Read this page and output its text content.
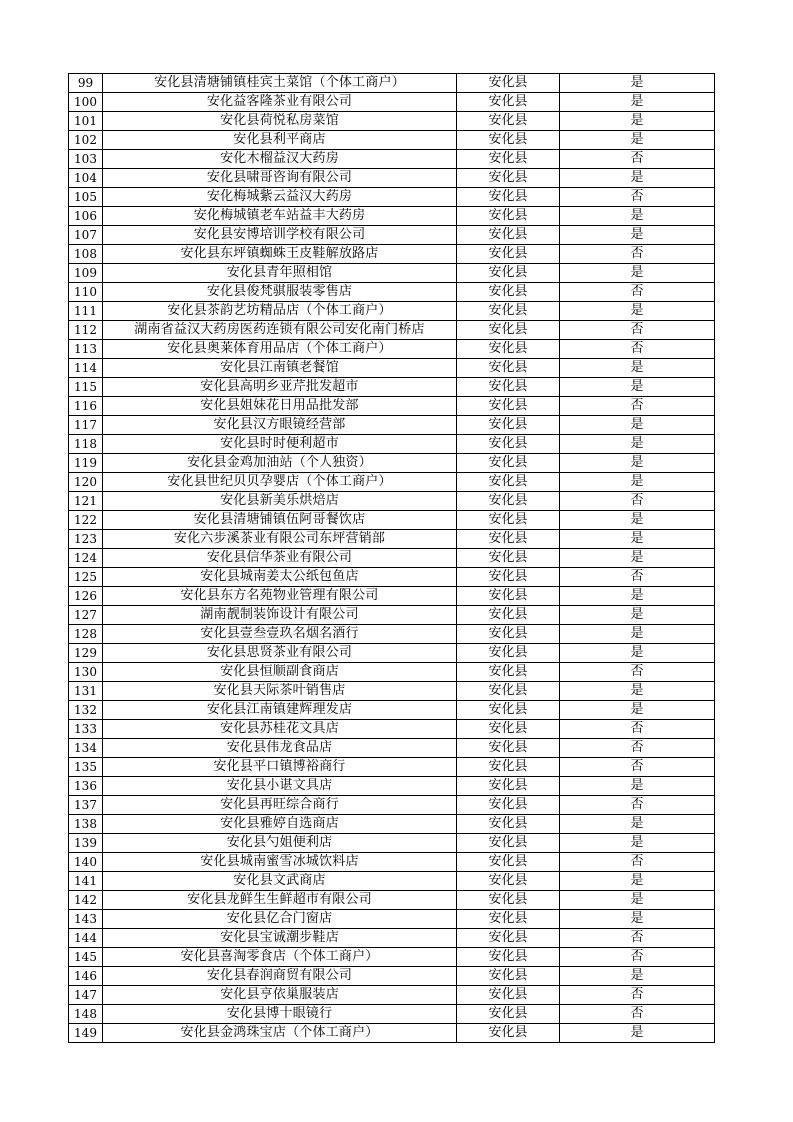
99	安化县清塘铺镇桂宾土菜馆（个体工商户）	安化县	是
100	安化益客隆茶业有限公司	安化县	是
101	安化县荷悦私房菜馆	安化县	是
102	安化县利平商店	安化县	是
103	安化木榴益汉大药房	安化县	否
104	安化县啸哥咨询有限公司	安化县	是
105	安化梅城紫云益汉大药房	安化县	否
106	安化梅城镇老车站益丰大药房	安化县	是
107	安化县安博培训学校有限公司	安化县	是
108	安化县东坪镇蜘蛛王皮鞋解放路店	安化县	否
109	安化县青年照相馆	安化县	是
110	安化县俊梵骐服装零售店	安化县	否
111	安化县茶韵艺坊精品店（个体工商户）	安化县	是
112	湖南省益汉大药房医药连锁有限公司安化南门桥店	安化县	否
113	安化县奥莱体育用品店（个体工商户）	安化县	否
114	安化县江南镇老餐馆	安化县	是
115	安化县高明乡亚芹批发超市	安化县	是
116	安化县姐妹花日用品批发部	安化县	否
117	安化县汉方眼镜经营部	安化县	是
118	安化县时时便利超市	安化县	是
119	安化县金鸡加油站（个人独资）	安化县	是
120	安化县世纪贝贝孕婴店（个体工商户）	安化县	是
121	安化县新美乐烘焙店	安化县	否
122	安化县清塘铺镇伍阿哥餐饮店	安化县	是
123	安化六步溪茶业有限公司东坪营销部	安化县	是
124	安化县信华茶业有限公司	安化县	是
125	安化县城南姜太公纸包鱼店	安化县	否
126	安化县东方名苑物业管理有限公司	安化县	是
127	湖南靓制装饰设计有限公司	安化县	是
128	安化县壹叁壹玖名烟名酒行	安化县	是
129	安化县思贤茶业有限公司	安化县	是
130	安化县恒顺副食商店	安化县	否
131	安化县天际茶叶销售店	安化县	是
132	安化县江南镇建辉理发店	安化县	是
133	安化县苏桂花文具店	安化县	否
134	安化县伟龙食品店	安化县	否
135	安化县平口镇博裕商行	安化县	否
136	安化县小谌文具店	安化县	是
137	安化县再旺综合商行	安化县	否
138	安化县雅婷自选商店	安化县	是
139	安化县勺姐便利店	安化县	是
140	安化县城南蜜雪冰城饮料店	安化县	否
141	安化县文武商店	安化县	是
142	安化县龙鲜生生鲜超市有限公司	安化县	是
143	安化县亿合门窗店	安化县	是
144	安化县宝诚潮步鞋店	安化县	否
145	安化县喜淘零食店（个体工商户）	安化县	否
146	安化县春润商贸有限公司	安化县	是
147	安化县亨依巢服装店	安化县	否
148	安化县博十眼镜行	安化县	否
149	安化县金鸿珠宝店（个体工商户）	安化县	是
